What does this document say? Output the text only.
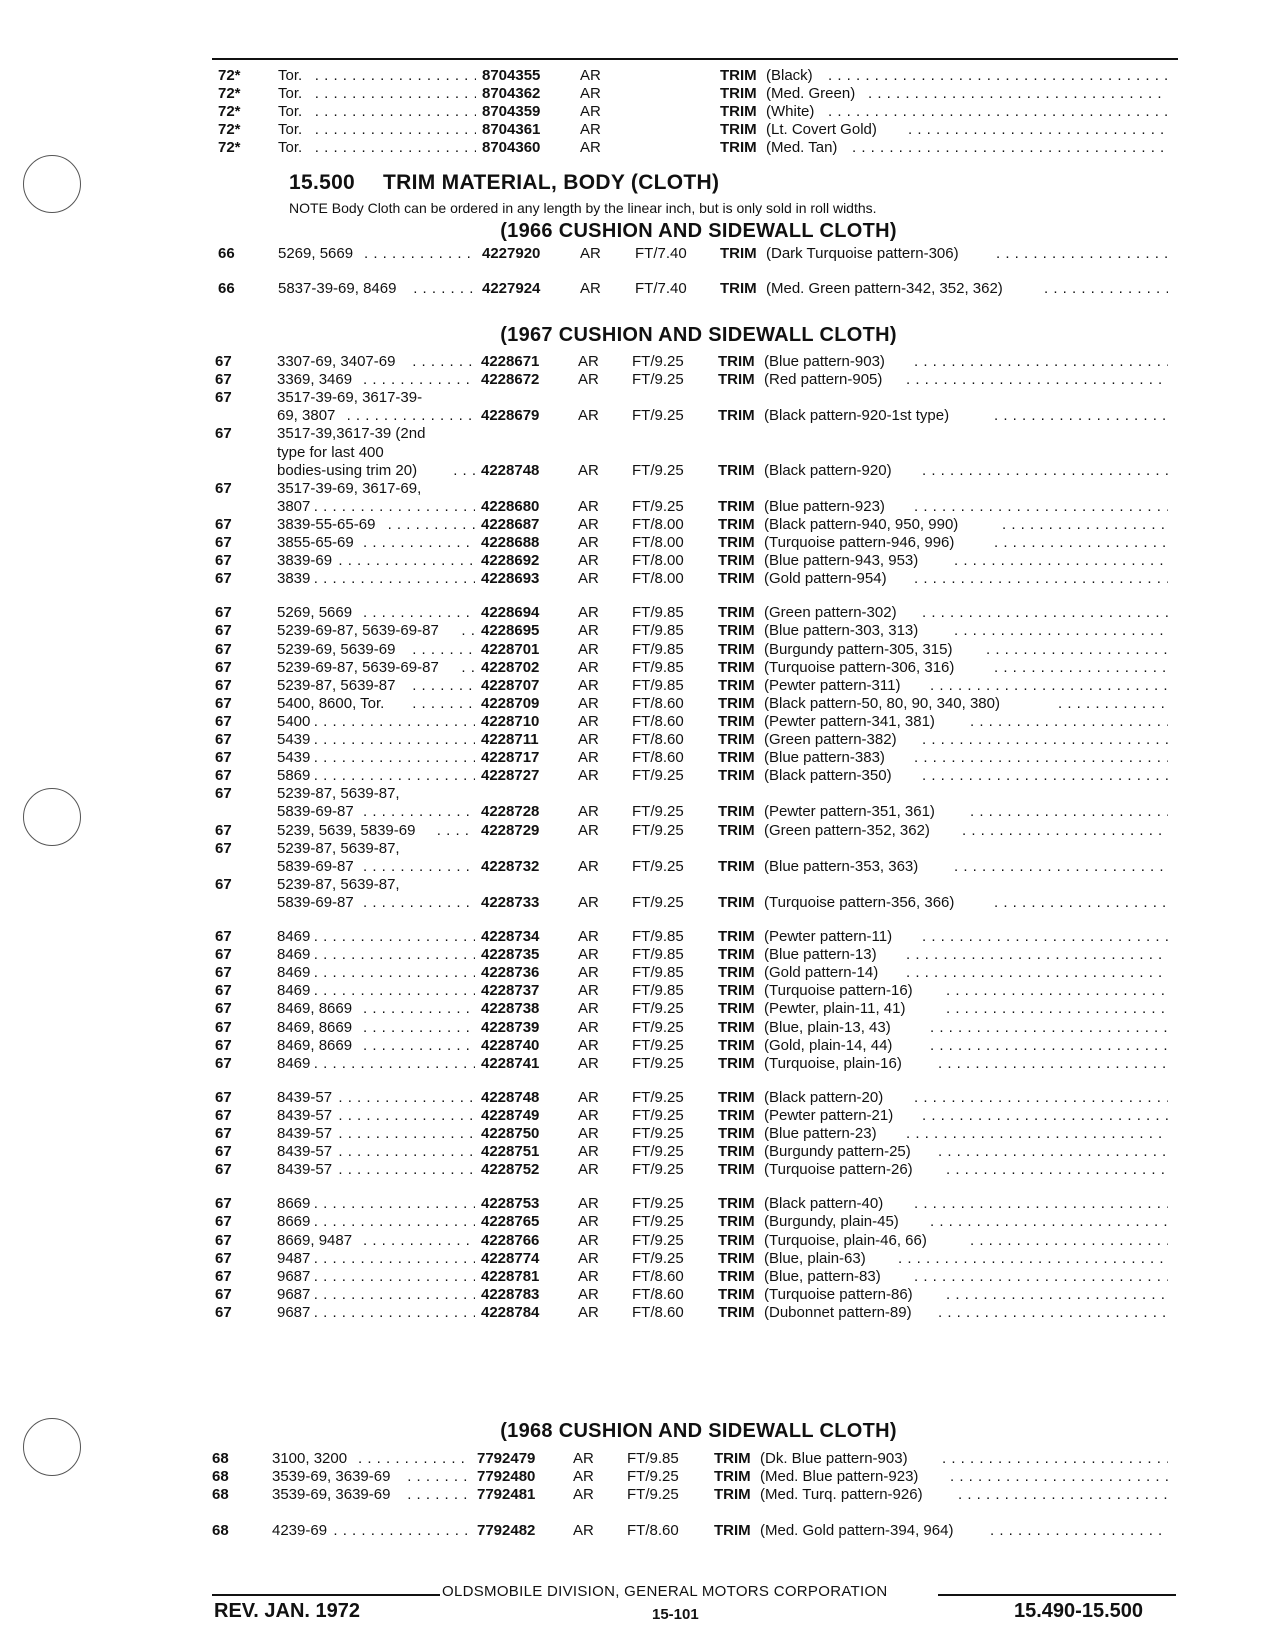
72* Tor.	8704355	AR	TRIM . . . (Black)
. . .
72* Tor.	8704362	AR	TRIM . . . (Med. Green)
. . .
72* Tor.	8704359	AR	TRIM . . . (White)
. . .
72* Tor.	8704361	AR	TRIM . . . (Lt. Covert Gold)
. . .
72* Tor.	8704360	AR	TRIM . . . (Med. Tan)
. . .
66	5269, 5669	4227920	AR FT/7.40 TRIM . . . (Dark Turquoise pattern-306)
. . .
66	5837-39-69, 8469	4227924	AR FT/7.40 TRIM . . . (Med. Green pattern-342, 352, 362)
. . .
67	3307-69, 3407-69	4228671	AR FT/9.25 TRIM . . . (Blue pattern-903)
. . .
67	3369, 3469	4228672	AR FT/9.25 TRIM . . . (Red pattern-905)
. . .
67	3517-39-69, 3617-39-
69, 3807	4228679	AR FT/9.25 TRIM . . . (Black pattern-920-1st type)
. . .
67	3517-39,3617-39 (2nd
type for last 400
bodies-using trim 20)	4228748	AR FT/9.25 TRIM . . . (Black pattern-920)
. . .
67	3517-39-69, 3617-69,
3807	4228680	AR FT/9.25 TRIM . . . (Blue pattern-923)
. . .
67	3839-55-65-69	4228687	AR FT/8.00 TRIM . . . (Black pattern-940, 950, 990)
. . .
67	3855-65-69	4228688	AR FT/8.00 TRIM . . . (Turquoise pattern-946, 996)
. . .
67	3839-69	4228692	AR FT/8.00 TRIM . . . (Blue pattern-943, 953)
. . .
67	3839	4228693	AR FT/8.00 TRIM . . . (Gold pattern-954)
. . .
67	5269, 5669	4228694	AR FT/9.85 TRIM . . . (Green pattern-302)
. . .
67	5239-69-87, 5639-69-87	4228695	AR FT/9.85 TRIM . . . (Blue pattern-303, 313)
. . .
67	5239-69, 5639-69	4228701	AR FT/9.85 TRIM . . . (Burgundy pattern-305, 315)
. . .
67	5239-69-87, 5639-69-87	4228702	AR FT/9.85 TRIM . . . (Turquoise pattern-306, 316)
. . .
67	5239-87, 5639-87	4228707	AR FT/9.85 TRIM . . . (Pewter pattern-311)
. . .
67	5400, 8600, Tor.	4228709	AR FT/8.60 TRIM . . . (Black pattern-50, 80, 90, 340, 380)
. . .
67	5400	4228710	AR FT/8.60 TRIM . . . (Pewter pattern-341, 381)
. . .
67	5439	4228711	AR FT/8.60 TRIM . . . (Green pattern-382)
. . .
67	5439	4228717	AR FT/8.60 TRIM . . . (Blue pattern-383)
. . .
67	5869	4228727	AR FT/9.25 TRIM . . . (Black pattern-350)
. . .
67	5239-87, 5639-87,
5839-69-87	4228728	AR FT/9.25 TRIM . . . (Pewter pattern-351, 361)
. . .
67	5239, 5639, 5839-69	4228729	AR FT/9.25 TRIM . . . (Green pattern-352, 362)
. . .
67	5239-87, 5639-87,
5839-69-87	4228732	AR FT/9.25 TRIM . . . (Blue pattern-353, 363)
. . .
67	5239-87, 5639-87,
5839-69-87	4228733	AR FT/9.25 TRIM . . . (Turquoise pattern-356, 366)
. . .
67	8469	4228734	AR FT/9.85 TRIM . . . (Pewter pattern-11)
. . .
67	8469	4228735	AR FT/9.85 TRIM . . . (Blue pattern-13)
. . .
67	8469	4228736	AR FT/9.85 TRIM . . . (Gold pattern-14)
. . .
67	8469	4228737	AR FT/9.85 TRIM . . . (Turquoise pattern-16)
. . .
67	8469, 8669	4228738	AR FT/9.25 TRIM . . . (Pewter, plain-11, 41)
. . .
67	8469, 8669	4228739	AR FT/9.25 TRIM . . . (Blue, plain-13, 43)
. . .
67	8469, 8669	4228740	AR FT/9.25 TRIM . . . (Gold, plain-14, 44)
. . .
67	8469	4228741	AR FT/9.25 TRIM . . . (Turquoise, plain-16)
. . .
67	8439-57	4228748	AR FT/9.25 TRIM . . . (Black pattern-20)
. . .
67	8439-57	4228749	AR FT/9.25 TRIM . . . (Pewter pattern-21)
. . .
67	8439-57	4228750	AR FT/9.25 TRIM . . . (Blue pattern-23)
. . .
67	8439-57	4228751	AR FT/9.25 TRIM . . . (Burgundy pattern-25)
. . .
67	8439-57	4228752	AR FT/9.25 TRIM . . . (Turquoise pattern-26)
. . .
67	8669	4228753	AR FT/9.25 TRIM . . . (Black pattern-40)
. . .
67	8669	4228765	AR FT/9.25 TRIM . . . (Burgundy, plain-45)
. . .
67	8669, 9487	4228766	AR FT/9.25 TRIM . . . (Turquoise, plain-46, 66)
. . .
67	9487	4228774	AR FT/9.25 TRIM . . . (Blue, plain-63)
. . .
67	9687	4228781	AR FT/8.60 TRIM . . . (Blue, pattern-83)
. . .
67	9687	4228783	AR FT/8.60 TRIM . . . (Turquoise pattern-86)
. . .
67	9687	4228784	AR FT/8.60 TRIM . . . (Dubonnet pattern-89)
. . .
68	3100, 3200	7792479	AR FT/9.85 TRIM . . . (Dk. Blue pattern-903)
. . .
68	3539-69, 3639-69	7792480	AR FT/9.25 TRIM . . . (Med. Blue pattern-923)
. . .
68	3539-69, 3639-69	7792481	AR FT/9.25 TRIM . . . (Med. Turq. pattern-926)
. . .
68	4239-69	7792482	AR FT/8.60 TRIM . . . (Med. Gold pattern-394, 964)
. . .
15.500 TRIM MATERIAL, BODY (CLOTH)
NOTE Body Cloth can be ordered in any length by the linear inch, but is only sold in roll widths.
(1966 CUSHION AND SIDEWALL CLOTH)
(1967 CUSHION AND SIDEWALL CLOTH)
(1968 CUSHION AND SIDEWALL CLOTH)
OLDSMOBILE DIVISION, GENERAL MOTORS CORPORATION
REV. JAN. 1972	15-101	15.490-15.500
